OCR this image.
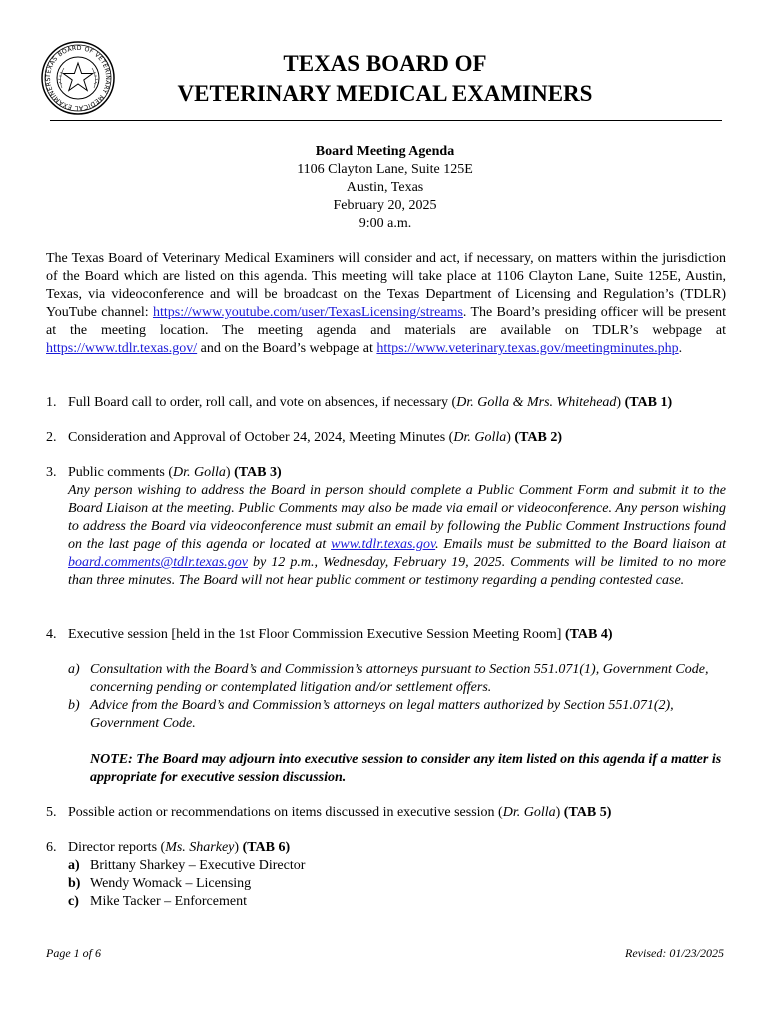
TEXAS BOARD OF VETERINARY MEDICAL EXAMINERS
TEXAS BOARD OF
VETERINARY MEDICAL EXAMINERS
Board Meeting Agenda
1106 Clayton Lane, Suite 125E
Austin, Texas
February 20, 2025
9:00 a.m.
The Texas Board of Veterinary Medical Examiners will consider and act, if necessary, on matters within the jurisdiction of the Board which are listed on this agenda. This meeting will take place at 1106 Clayton Lane, Suite 125E, Austin, Texas, via videoconference and will be broadcast on the Texas Department of Licensing and Regulation’s (TDLR) YouTube channel: https://www.youtube.com/user/TexasLicensing/streams. The Board’s presiding officer will be present at the meeting location. The meeting agenda and materials are available on TDLR’s webpage at https://www.tdlr.texas.gov/ and on the Board’s webpage at https://www.veterinary.texas.gov/meetingminutes.php.
1. Full Board call to order, roll call, and vote on absences, if necessary (Dr. Golla & Mrs. Whitehead) (TAB 1)
2. Consideration and Approval of October 24, 2024, Meeting Minutes (Dr. Golla) (TAB 2)
3. Public comments (Dr. Golla) (TAB 3)
Any person wishing to address the Board in person should complete a Public Comment Form and submit it to the Board Liaison at the meeting. Public Comments may also be made via email or videoconference. Any person wishing to address the Board via videoconference must submit an email by following the Public Comment Instructions found on the last page of this agenda or located at www.tdlr.texas.gov. Emails must be submitted to the Board liaison at board.comments@tdlr.texas.gov by 12 p.m., Wednesday, February 19, 2025. Comments will be limited to no more than three minutes. The Board will not hear public comment or testimony regarding a pending contested case.
4. Executive session [held in the 1st Floor Commission Executive Session Meeting Room] (TAB 4)
a) Consultation with the Board’s and Commission’s attorneys pursuant to Section 551.071(1), Government Code, concerning pending or contemplated litigation and/or settlement offers.
b) Advice from the Board’s and Commission’s attorneys on legal matters authorized by Section 551.071(2), Government Code.
NOTE: The Board may adjourn into executive session to consider any item listed on this agenda if a matter is appropriate for executive session discussion.
5. Possible action or recommendations on items discussed in executive session (Dr. Golla) (TAB 5)
6. Director reports (Ms. Sharkey) (TAB 6)
a) Brittany Sharkey – Executive Director
b) Wendy Womack – Licensing
c) Mike Tacker – Enforcement
Page 1 of 6	Revised: 01/23/2025
